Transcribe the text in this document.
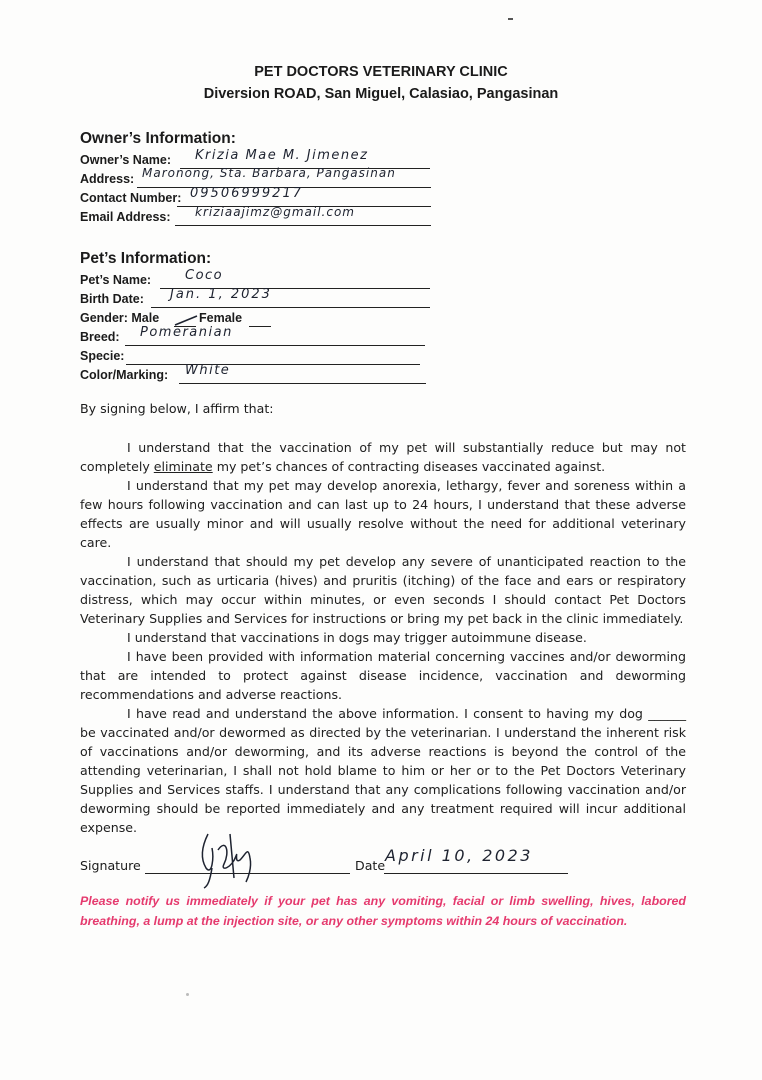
PET DOCTORS VETERINARY CLINIC
Diversion ROAD, San Miguel, Calasiao, Pangasinan
Owner’s Information:
Owner’s Name: Krizia Mae M. Jimenez
Address: Maronong, Sta. Barbara, Pangasinan
Contact Number: 09506999217
Email Address: kriziaajimz@gmail.com
Pet’s Information:
Pet’s Name:	Coco
Birth Date: Jan. 1, 2023
Gender: Male	Female
Breed: Pomeranian
Specie:
Color/Marking: White
By signing below, I affirm that:

I understand that the vaccination of my pet will substantially reduce but may not completely eliminate my pet’s chances of contracting diseases vaccinated against.

I understand that my pet may develop anorexia, lethargy, fever and soreness within a few hours following vaccination and can last up to 24 hours, I understand that these adverse effects are usually minor and will usually resolve without the need for additional veterinary care.

I understand that should my pet develop any severe of unanticipated reaction to the vaccination, such as urticaria (hives) and pruritis (itching) of the face and ears or respiratory distress, which may occur within minutes, or even seconds I should contact Pet Doctors Veterinary Supplies and Services for instructions or bring my pet back in the clinic immediately.

I understand that vaccinations in dogs may trigger autoimmune disease.

I have been provided with information material concerning vaccines and/or deworming that are intended to protect against disease incidence, vaccination and deworming recommendations and adverse reactions.

I have read and understand the above information. I consent to having my dog ______ be vaccinated and/or dewormed as directed by the veterinarian. I understand the inherent risk of vaccinations and/or deworming, and its adverse reactions is beyond the control of the attending veterinarian, I shall not hold blame to him or her or to the Pet Doctors Veterinary Supplies and Services staffs. I understand that any complications following vaccination and/or deworming should be reported immediately and any treatment required will incur additional expense.

Signature	Date
April 10, 2023
Please notify us immediately if your pet has any vomiting, facial or limb swelling, hives, labored breathing, a lump at the injection site, or any other symptoms within 24 hours of vaccination.
